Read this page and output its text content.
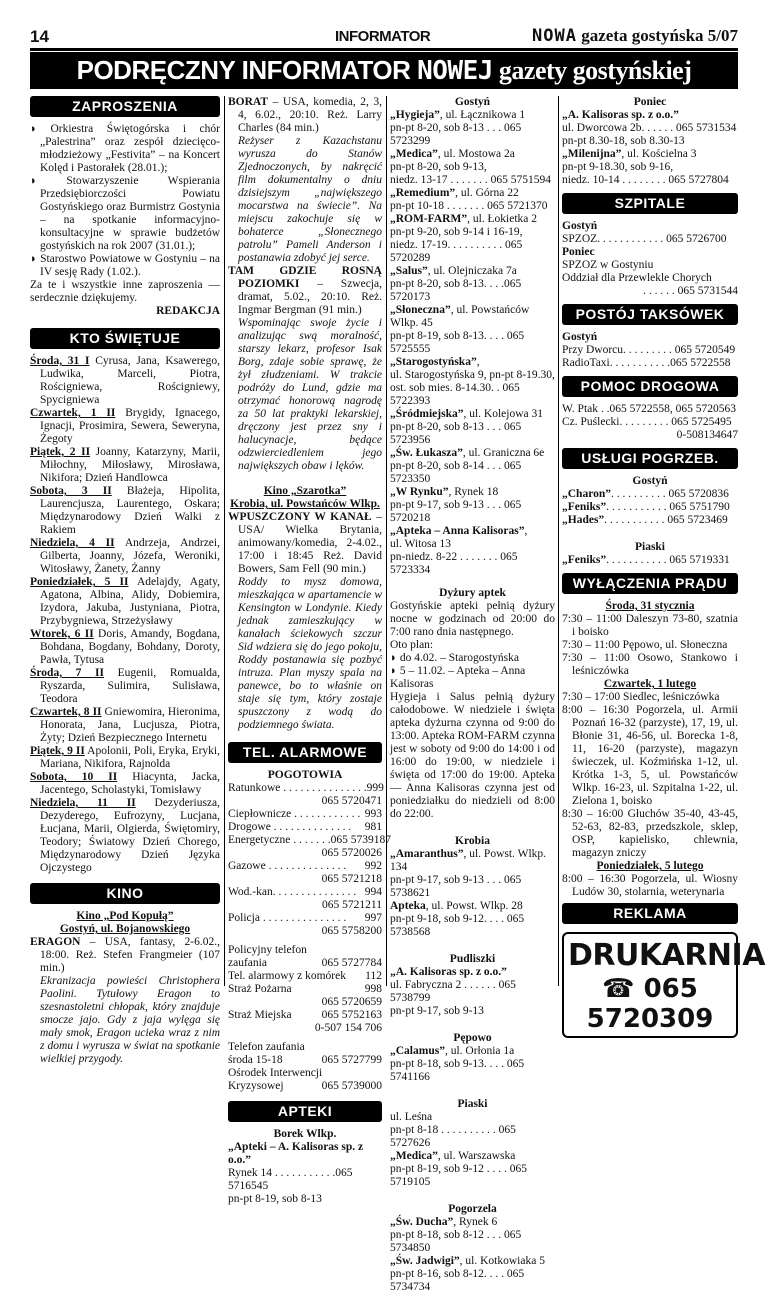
14	INFORMATOR	NOWA gazeta gostyńska 5/07
PODRĘCZNY INFORMATOR NOWEJ gazety gostyńskiej
ZAPROSZENIA

◗ Orkiestra Świętogórska i chór „Palestrina” oraz zespół dziecięco-młodzieżowy „Festivita” – na Koncert Kolęd i Pastorałek (28.01.);

◗ Stowarzyszenie Wspierania Przedsiębiorczości Powiatu Gostyńskiego oraz Burmistrz Gostynia – na spotkanie informacyjno-konsultacyjne w sprawie budżetów gostyńskich na rok 2007 (31.01.);

◗ Starostwo Powiatowe w Gostyniu – na IV sesję Rady (1.02.).

Za te i wszystkie inne zaproszenia — serdecznie dziękujemy.

REDAKCJA

KTO ŚWIĘTUJE

Środa, 31 I Cyrusa, Jana, Ksawerego, Ludwika, Marceli, Piotra, Rościgniewa, Rościgniewy, Spycigniewa

Czwartek, 1 II Brygidy, Ignacego, Ignacji, Prosimira, Sewera, Seweryna, Żegoty

Piątek, 2 II Joanny, Katarzyny, Marii, Miłochny, Miłosławy, Mirosława, Nikifora; Dzień Handlowca

Sobota, 3 II Błażeja, Hipolita, Laurencjusza, Laurentego, Oskara; Międzynarodowy Dzień Walki z Rakiem

Niedziela, 4 II Andrzeja, Andrzei, Gilberta, Joanny, Józefa, Weroniki, Witosławy, Żanety, Żanny

Poniedziałek, 5 II Adelajdy, Agaty, Agatona, Albina, Alidy, Dobiemira, Izydora, Jakuba, Justyniana, Piotra, Przybygniewa, Strzeżysławy

Wtorek, 6 II Doris, Amandy, Bogdana, Bohdana, Bogdany, Bohdany, Doroty, Pawła, Tytusa

Środa, 7 II Eugenii, Romualda, Ryszarda, Sulimira, Sulisława, Teodora

Czwartek, 8 II Gniewomira, Hieronima, Honorata, Jana, Lucjusza, Piotra, Żyty; Dzień Bezpiecznego Internetu

Piątek, 9 II Apolonii, Poli, Eryka, Eryki, Mariana, Nikifora, Rajnolda

Sobota, 10 II Hiacynta, Jacka, Jacentego, Scholastyki, Tomisławy

Niedziela, 11 II Dezyderiusza, Dezyderego, Eufrozyny, Lucjana, Łucjana, Marii, Olgierda, Świętomiry, Teodory; Światowy Dzień Chorego, Międzynarodowy Dzień Języka Ojczystego

KINO

Kino „Pod Kopułą”

Gostyń, ul. Bojanowskiego

ERAGON – USA, fantasy, 2-6.02., 18:00. Reż. Stefen Frangmeier (107 min.)

Ekranizacja powieści Christophera Paolini. Tytułowy Eragon to szesnastoletni chłopak, który znajduje smocze jajo. Gdy z jaja wylęga się mały smok, Eragon ucieka wraz z nim z domu i wyrusza w świat na spotkanie wielkiej przygody.

BORAT – USA, komedia, 2, 3, 4, 6.02., 20:10. Reż. Larry Charles (84 min.)

Reżyser z Kazachstanu wyrusza do Stanów Zjednoczonych, by nakręcić film dokumentalny o dniu dzisiejszym „największego mocarstwa na świecie”. Na miejscu zakochuje się w bohaterce „Słonecznego patrolu” Pameli Anderson i postanawia zdobyć jej serce.

TAM GDZIE ROSNĄ POZIOMKI – Szwecja, dramat, 5.02., 20:10. Reż. Ingmar Bergman (91 min.)

Wspominając swoje życie i analizując swą moralność, starszy lekarz, profesor Isak Borg, zdaje sobie sprawę, że żył złudzeniami. W trakcie podróży do Lund, gdzie ma otrzymać honorową nagrodę za 50 lat praktyki lekarskiej, dręczony jest przez sny i halucynacje, będące odzwierciedleniem jego największych obaw i lęków.

Kino „Szarotka”

Krobia, ul. Powstańców Wlkp.

WPUSZCZONY W KANAŁ – USA/ Wielka Brytania, animowany/komedia, 2-4.02., 17:00 i 18:45 Reż. David Bowers, Sam Fell (90 min.)

Roddy to mysz domowa, mieszkająca w apartamencie w Kensington w Londynie. Kiedy jednak zamieszkujący w kanałach ściekowych szczur Sid wdziera się do jego pokoju, Roddy postanawia się pozbyć intruza. Plan myszy spala na panewce, bo to właśnie on staje się tym, który zostaje spuszczony z wodą do podziemnego świata.

TEL. ALARMOWE

POGOTOWIA

Ratunkowe . . . . . . . . . . . . . . . 999

065 5720471

Ciepłownicze . . . . . . . . . . . . 993
Drogowe . . . . . . . . . . . . . . 981
Energetyczne . . . . . . . 065 5739187

065 5720026

Gazowe . . . . . . . . . . . . . . 992

065 5721218

Wod.-kan. . . . . . . . . . . . . . . 994

065 5721211

Policja . . . . . . . . . . . . . . . 997

065 5758200

Policyjny telefon

zaufania	065 5727784
Tel. alarmowy z komórek 112
Straż Pożarna	998

065 5720659

Straż Miejska	065 5752163

0-507 154 706

Telefon zaufania

środa 15-18	065 5727799

Ośrodek Interwencji

Kryzysowej	065 5739000
APTEKI

Borek Wlkp.

„Apteki – A. Kalisoras sp. z o.o.”

Rynek 14 . . . . . . . . . . .065 5716545

pn-pt 8-19, sob 8-13

Gostyń

„Hygieja”, ul. Łącznikowa 1

pn-pt 8-20, sob 8-13 . . . 065 5723299

„Medica”, ul. Mostowa 2a

pn-pt 8-20, sob 9-13,

niedz. 13-17 . . . . . . . 065 5751594

„Remedium”, ul. Górna 22

pn-pt 10-18 . . . . . . . 065 5721370

„ROM-FARM”, ul. Łokietka 2

pn-pt 9-20, sob 9-14 i 16-19,

niedz. 17-19. . . . . . . . . . 065 5720289

„Salus”, ul. Olejniczaka 7a

pn-pt 8-20, sob 8-13. . . .065 5720173

„Słoneczna”, ul. Powstańców Wlkp. 45

pn-pt 8-19, sob 8-13. . . . 065 5725555

„Starogostyńska”,

ul. Starogostyńska 9, pn-pt 8-19.30,

ost. sob mies. 8-14.30. . 065 5722393

„Śródmiejska”, ul. Kolejowa 31

pn-pt 8-20, sob 8-13 . . . 065 5723956

„Św. Łukasza”, ul. Graniczna 6e

pn-pt 8-20, sob 8-14 . . . 065 5723350

„W Rynku”, Rynek 18

pn-pt 9-17, sob 9-13 . . . 065 5720218

„Apteka – Anna Kalisoras”,

ul. Witosa 13

pn-niedz. 8-22 . . . . . . . 065 5723334

Dyżury aptek

Gostyńskie apteki pełnią dyżury nocne w godzinach od 20:00 do 7:00 rano dnia następnego.

Oto plan:

◗ do 4.02. – Starogostyńska

◗ 5 – 11.02. – Apteka – Anna Kalisoras

Hygieja i Salus pełnią dyżury całodobowe. W niedziele i święta apteka dyżurna czynna od 9:00 do 13:00. Apteka ROM-FARM czynna jest w soboty od 9:00 do 14:00 i od 16:00 do 19:00, w niedziele i święta od 17:00 do 19:00. Apteka — Anna Kalisoras czynna jest od poniedziałku do niedzieli od 8:00 do 22:00.

Krobia

„Amaranthus”, ul. Powst. Wlkp. 134

pn-pt 9-17, sob 9-13 . . . 065 5738621

Apteka, ul. Powst. Wlkp. 28

pn-pt 9-18, sob 9-12. . . . 065 5738568

Pudliszki

„A. Kalisoras sp. z o.o.”

ul. Fabryczna 2 . . . . . . 065 5738799

pn-pt 9-17, sob 9-13

Pępowo

„Calamus”, ul. Orłonia 1a

pn-pt 8-18, sob 9-13. . . . 065 5741166

Piaski

ul. Leśna

pn-pt 8-18 . . . . . . . . . . 065 5727626

„Medica”, ul. Warszawska

pn-pt 8-19, sob 9-12 . . . . 065 5719105

Pogorzela

„Św. Ducha”, Rynek 6

pn-pt 8-18, sob 8-12 . . . 065 5734850

„Św. Jadwigi”, ul. Kotkowiaka 5

pn-pt 8-16, sob 8-12. . . . 065 5734734

Poniec

„A. Kalisoras sp. z o.o.”

ul. Dworcowa 2b. . . . . . 065 5731534

pn-pt 8.30-18, sob 8.30-13

„Milenijna”, ul. Kościelna 3

pn-pt 9-18.30, sob 9-16,

niedz. 10-14 . . . . . . . . 065 5727804

SZPITALE

Gostyń

SPZOZ. . . . . . . . . . . . 065 5726700

Poniec

SPZOZ w Gostyniu

Oddział dla Przewlekle Chorych

. . . . . . 065 5731544

POSTÓJ TAKSÓWEK

Gostyń

Przy Dworcu. . . . . . . . . 065 5720549

RadioTaxi. . . . . . . . . . .065 5722558

POMOC DROGOWA

W. Ptak . .065 5722558, 065 5720563

Cz. Puślecki. . . . . . . . . 065 5725495

0-508134647

USŁUGI POGRZEB.

Gostyń

„Charon”. . . . . . . . . . 065 5720836

„Feniks”. . . . . . . . . . . 065 5751790

„Hades”. . . . . . . . . . . 065 5723469

Piaski

„Feniks”. . . . . . . . . . . 065 5719331

WYŁĄCZENIA PRĄDU

Środa, 31 stycznia

7:30 – 11:00 Daleszyn 73-80, szatnia i boisko

7:30 – 11:00 Pępowo, ul. Słoneczna

7:30 – 11:00 Osowo, Stankowo i leśniczówka

Czwartek, 1 lutego

7:30 – 17:00 Siedlec, leśniczówka

8:00 – 16:30 Pogorzela, ul. Armii Poznań 16-32 (parzyste), 17, 19, ul. Błonie 31, 46-56, ul. Borecka 1-8, 11, 16-20 (parzyste), magazyn świeczek, ul. Koźmińska 1-12, ul. Krótka 1-3, 5, ul. Powstańców Wlkp. 16-23, ul. Szpitalna 1-22, ul. Zielona 1, boisko

8:30 – 16:00 Głuchów 35-40, 43-45, 52-63, 82-83, przedszkole, sklep, OSP, kapielisko, chlewnia, magazyn zniczy

Poniedziałek, 5 lutego

8:00 – 16:30 Pogorzela, ul. Wiosny Ludów 30, stolarnia, weterynaria

REKLAMA
DRUKARNIA
☎ 065 5720309
